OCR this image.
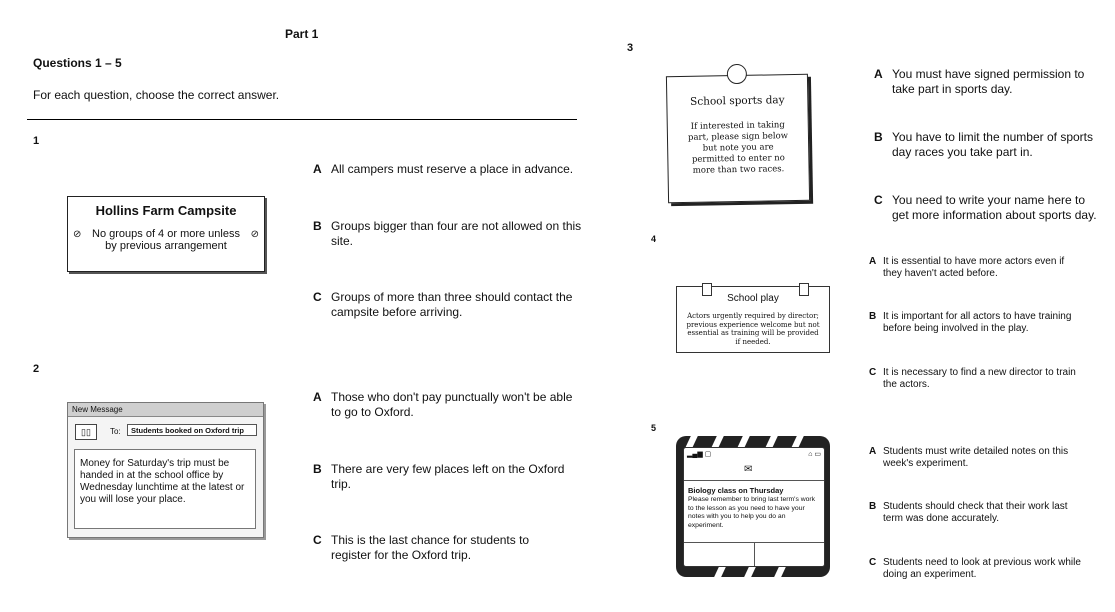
Part 1
Questions 1 – 5
For each question, choose the correct answer.
1
⊘	⊘
Hollins Farm Campsite
No groups of 4 or more unless by previous arrangement
A All campers must reserve a place in advance.
B Groups bigger than four are not allowed on this site.
C Groups of more than three should contact the campsite before arriving.
2
New Message
▯▯	To:	Students booked on Oxford trip
Money for Saturday's trip must be handed in at the school office by Wednesday lunchtime at the latest or you will lose your place.
A Those who don't pay punctually won't be able to go to Oxford.
B There are very few places left on the Oxford trip.
C This is the last chance for students to register for the Oxford trip.
3
School sports day
If interested in taking part, please sign below but note you are permitted to enter no more than two races.
A You must have signed permission to take part in sports day.
B You have to limit the number of sports day races you take part in.
C You need to write your name here to get more information about sports day.
4
School play
Actors urgently required by director; previous experience welcome but not essential as training will be provided if needed.
A It is essential to have more actors even if they haven't acted before.
B It is important for all actors to have training before being involved in the play.
C It is necessary to find a new director to train the actors.
5
▂▄▆ ▢	⌂ ▭
✉
Biology class on Thursday
Please remember to bring last term's work to the lesson as you need to have your notes with you to help you do an experiment.
A Students must write detailed notes on this week's experiment.
B Students should check that their work last term was done accurately.
C Students need to look at previous work while doing an experiment.
